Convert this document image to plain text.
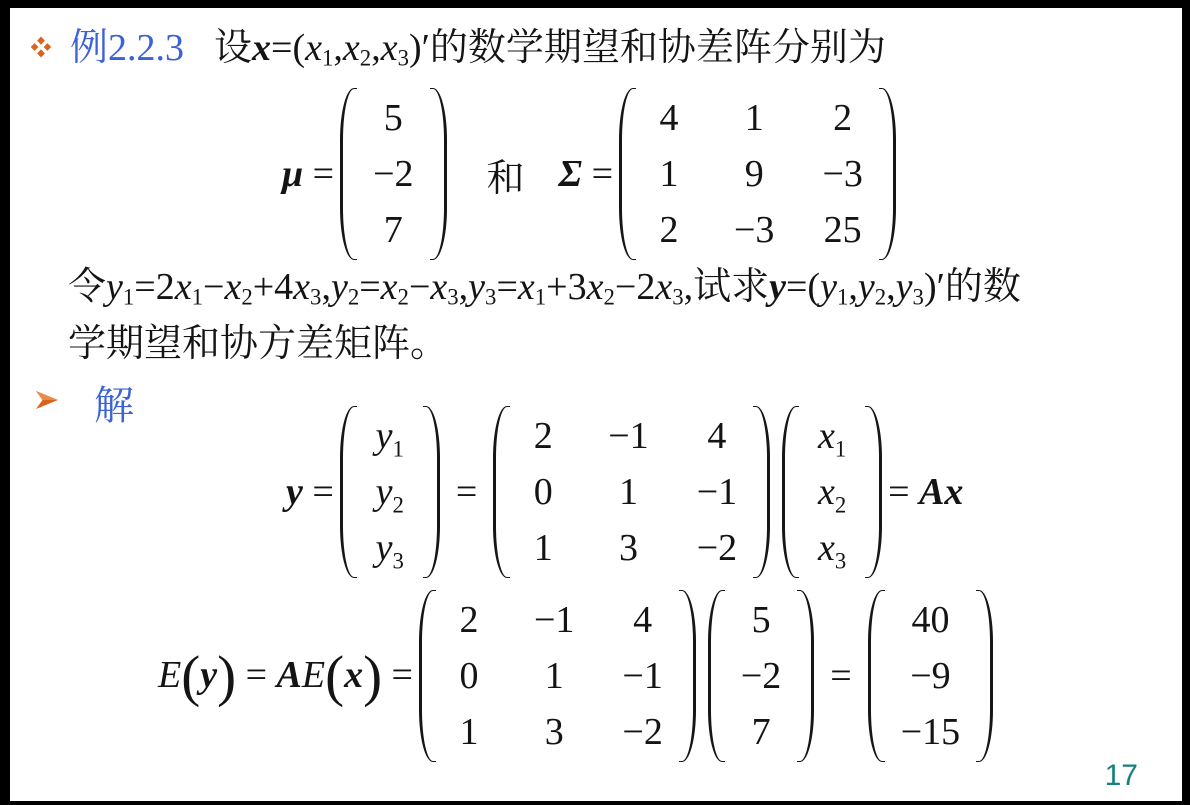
例2.2.3 设x=(x1,x2,x3)′的数学期望和协差阵分别为
μ =
5
−2
7
和 Σ =
4 1 2
1 9 −3
2 −3 25
令y1=2x1−x2+4x3,y2=x2−x3,y3=x1+3x2−2x3,试求y=(y1,y2,y3)′的数
学期望和协方差矩阵。
解
y =
$y_1$
$y_2$
$y_3$
=
2 −1 4
0 1 −1
1 3 −2
$x_1$
$x_2$
$x_3$
= Ax
E(y) = AE(x) =
2 −1 4
0 1 −1
1 3 −2
5
−2
7
=
40
−9
−15
17
